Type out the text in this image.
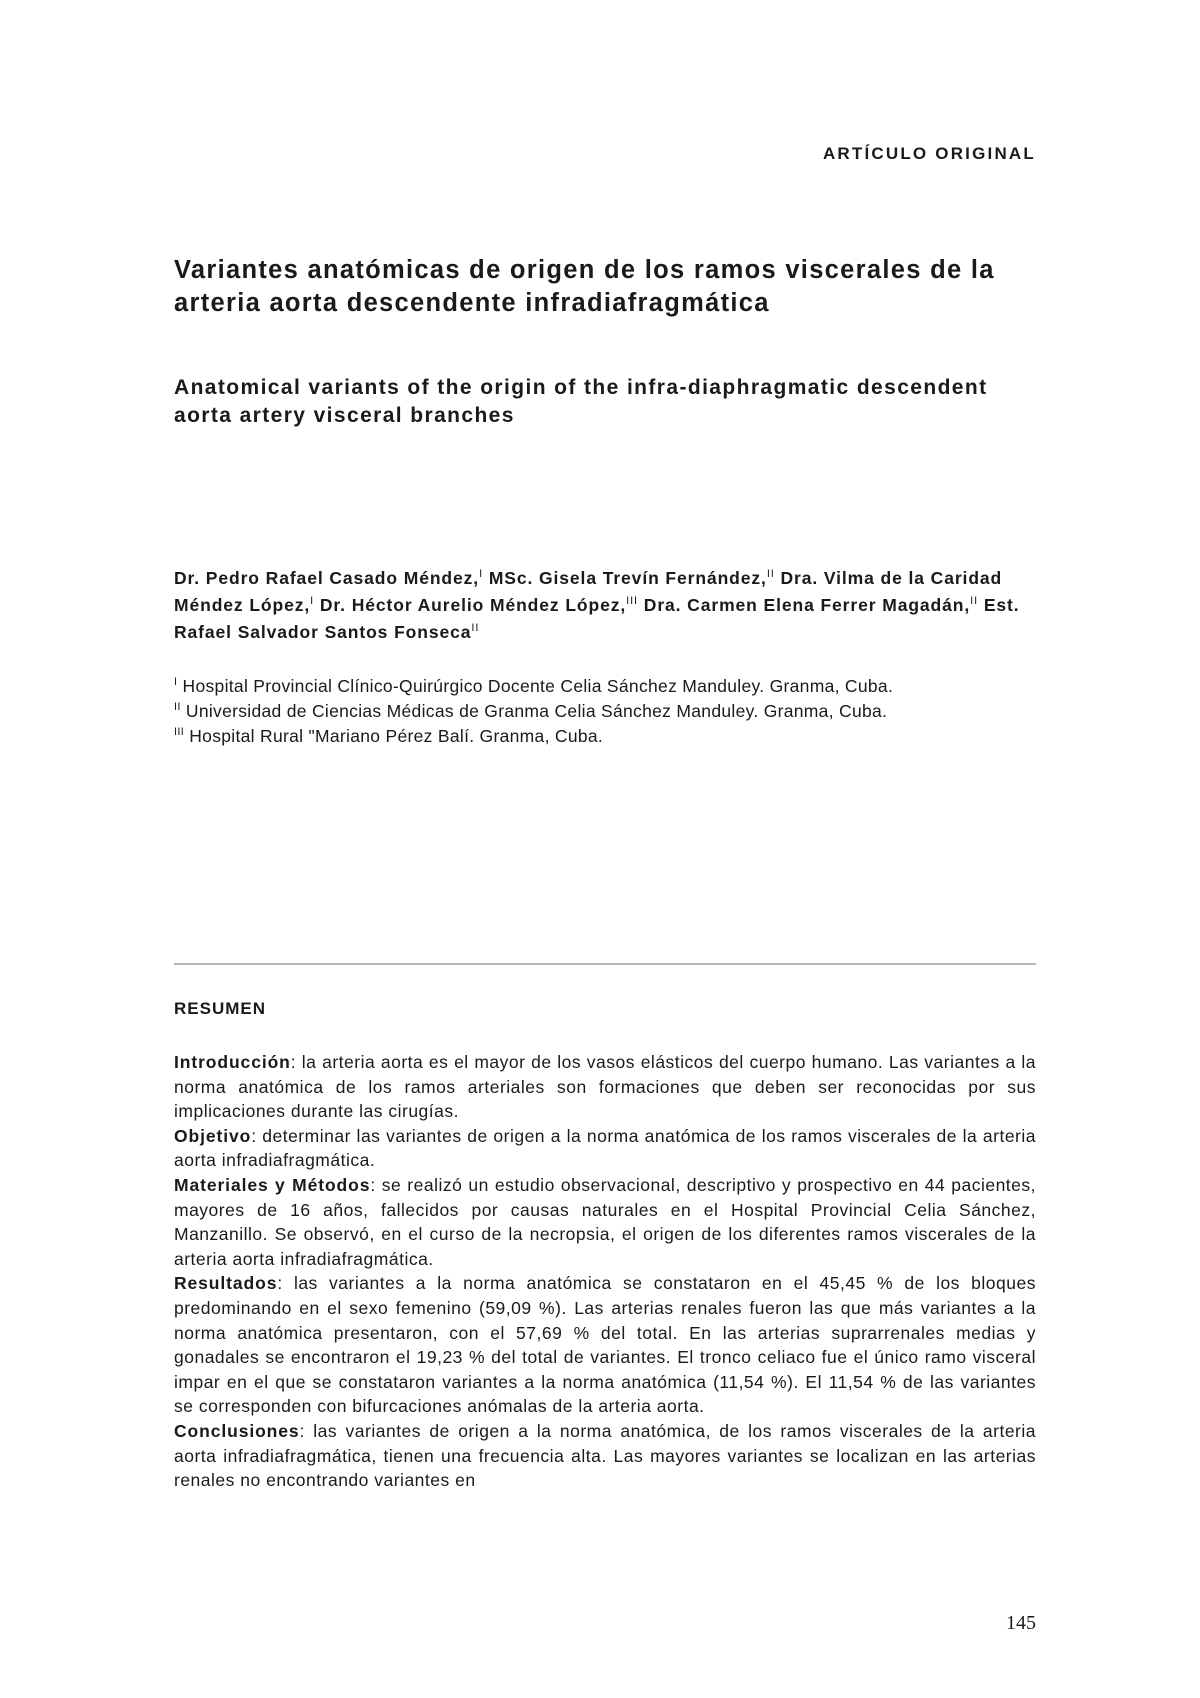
ARTÍCULO ORIGINAL
Variantes anatómicas de origen de los ramos viscerales de la arteria aorta descendente infradiafragmática
Anatomical variants of the origin of the infra-diaphragmatic descendent aorta artery visceral branches
Dr. Pedro Rafael Casado Méndez,$^I$ MSc. Gisela Trevín Fernández,$^{II}$ Dra. Vilma de la Caridad Méndez López,$^I$ Dr. Héctor Aurelio Méndez López,$^{III}$ Dra. Carmen Elena Ferrer Magadán,$^{II}$ Est. Rafael Salvador Santos Fonseca$^{II}$
$^I$ Hospital Provincial Clínico-Quirúrgico Docente Celia Sánchez Manduley. Granma, Cuba.
$^{II}$ Universidad de Ciencias Médicas de Granma Celia Sánchez Manduley. Granma, Cuba.
$^{III}$ Hospital Rural "Mariano Pérez Balí. Granma, Cuba.
RESUMEN

Introducción: la arteria aorta es el mayor de los vasos elásticos del cuerpo humano. Las variantes a la norma anatómica de los ramos arteriales son formaciones que deben ser reconocidas por sus implicaciones durante las cirugías.

Objetivo: determinar las variantes de origen a la norma anatómica de los ramos viscerales de la arteria aorta infradiafragmática.

Materiales y Métodos: se realizó un estudio observacional, descriptivo y prospectivo en 44 pacientes, mayores de 16 años, fallecidos por causas naturales en el Hospital Provincial Celia Sánchez, Manzanillo. Se observó, en el curso de la necropsia, el origen de los diferentes ramos viscerales de la arteria aorta infradiafragmática.

Resultados: las variantes a la norma anatómica se constataron en el 45,45 % de los bloques predominando en el sexo femenino (59,09 %). Las arterias renales fueron las que más variantes a la norma anatómica presentaron, con el 57,69 % del total. En las arterias suprarrenales medias y gonadales se encontraron el 19,23 % del total de variantes. El tronco celiaco fue el único ramo visceral impar en el que se constataron variantes a la norma anatómica (11,54 %). El 11,54 % de las variantes se corresponden con bifurcaciones anómalas de la arteria aorta.

Conclusiones: las variantes de origen a la norma anatómica, de los ramos viscerales de la arteria aorta infradiafragmática, tienen una frecuencia alta. Las mayores variantes se localizan en las arterias renales no encontrando variantes en

145
